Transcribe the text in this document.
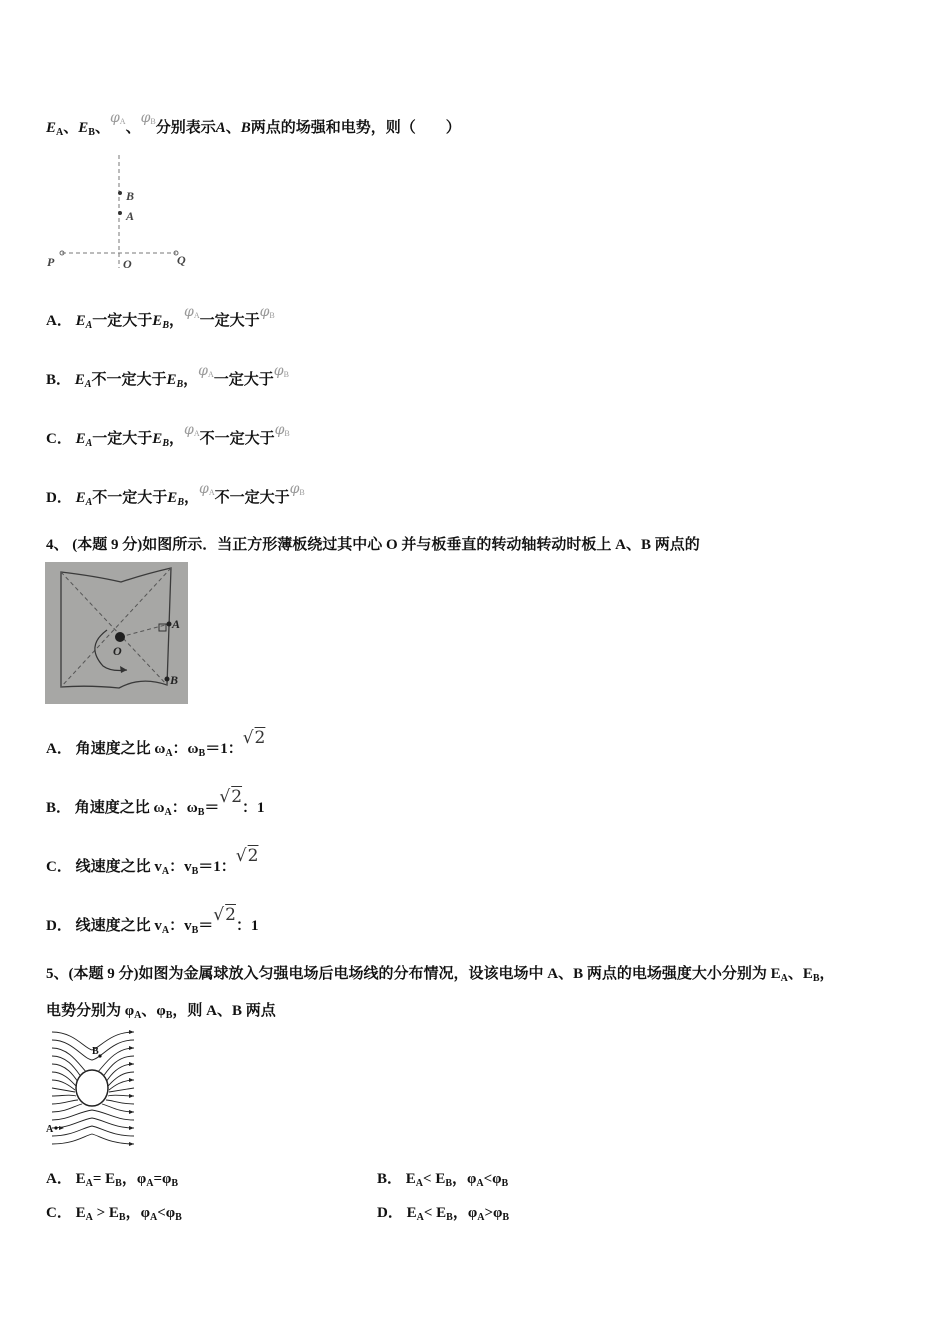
$E_A$、$E_B$、φA、φB分别表示A、B两点的场强和电势，则（　　）
B
A
P	O	Q
A． $E_A$一定大于$E_B$，φA一定大于φB
B． $E_A$不一定大于$E_B$，φA一定大于φB
C． $E_A$一定大于$E_B$，φA不一定大于φB
D． $E_A$不一定大于$E_B$，φA不一定大于φB
4、 (本题 9 分)如图所示．当正方形薄板绕过其中心 O 并与板垂直的转动轴转动时板上 A、B 两点的
A
B
O
A． 角速度之比 $\omega_A$：$\omega_B=1$：√2
B． 角速度之比 $\omega_A$：$\omega_B=√2$：1
C． 线速度之比 $v_A$：$v_B=1$：√2
D． 线速度之比 $v_A$：$v_B=√2$：1
5、(本题 9 分)如图为金属球放入匀强电场后电场线的分布情况，设该电场中 A、B 两点的电场强度大小分别为 $E_A$、$E_B$，
电势分别为 $\varphi_A$、$\varphi_B$，则 A、B 两点
B
A
A． $E_A= E_B$，$\varphi_A=\varphi_B$	B． $E_A< E_B$，$\varphi_A<\varphi_B$
C． $E_A > E_B$，$\varphi_A<\varphi_B$	D． $E_A< E_B$，$\varphi_A>\varphi_B$
